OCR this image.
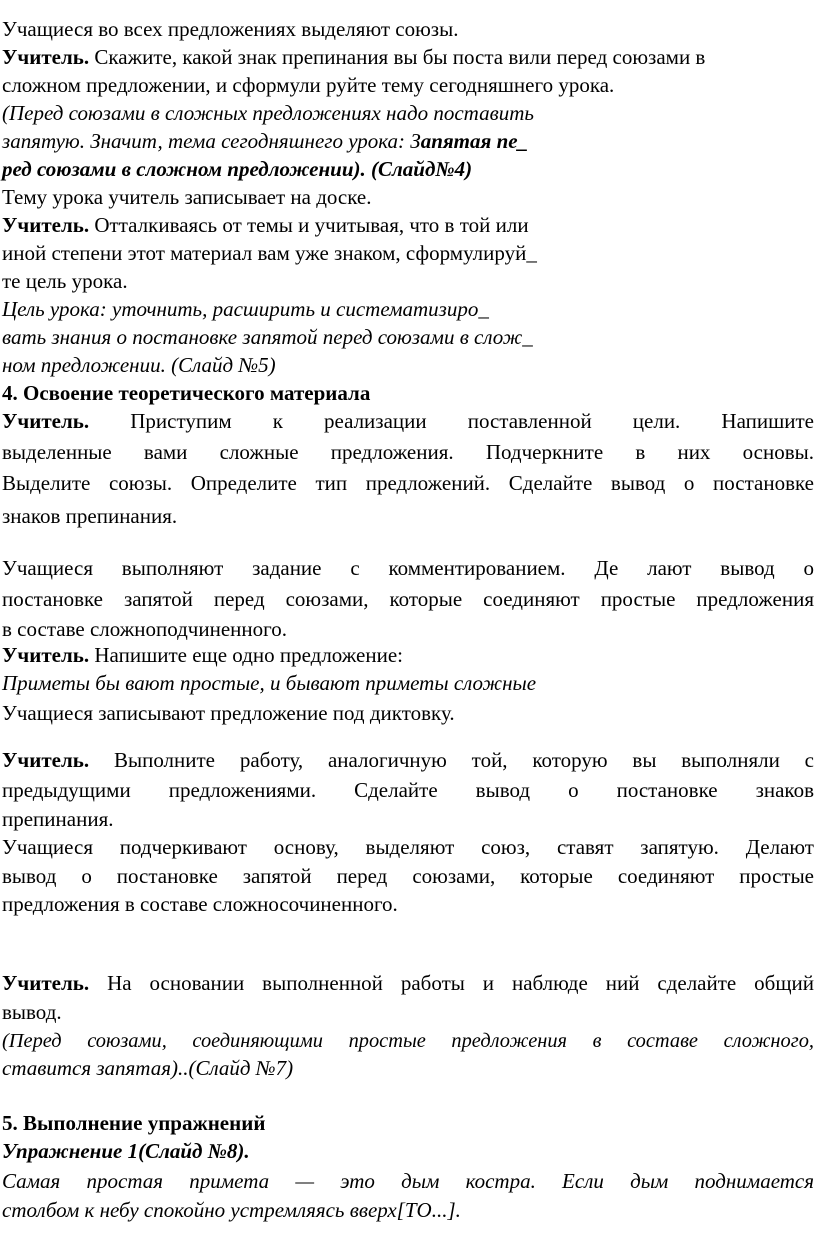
Учащиеся во всех предложениях выделяют союзы.
Учитель. Скажите, какой знак препинания вы бы поста вили перед союзами в
сложном предложении, и сформули руйте тему сегодняшнего урока.
(Перед союзами в сложных предложениях надо поставить
запятую. Значит, тема сегодняшнего урока: Запятая пе_
ред союзами в сложном предложении). (Слайд№4)
Тему урока учитель записывает на доске.
Учитель. Отталкиваясь от темы и учитывая, что в той или
иной степени этот материал вам уже знаком, сформулируй_
те цель урока.
Цель урока: уточнить, расширить и систематизиро_
вать знания о постановке запятой перед союзами в слож_
ном предложении. (Слайд №5)
4. Освоение теоретического материала
Учитель. Приступим к реализации поставленной цели. Напишите
выделенные вами сложные предложения. Подчеркните в них основы.
Выделите союзы. Определите тип предложений. Сделайте вывод о постановке
знаков препинания.
Учащиеся выполняют задание с комментированием. Де лают вывод о
постановке запятой перед союзами, которые соединяют простые предложения
в составе сложноподчиненного.
Учитель. Напишите еще одно предложение:
Приметы бы вают простые, и бывают приметы сложные
Учащиеся записывают предложение под диктовку.
Учитель. Выполните работу, аналогичную той, которую вы выполняли с
предыдущими предложениями. Сделайте вывод о постановке знаков
препинания.
Учащиеся подчеркивают основу, выделяют союз, ставят запятую. Делают
вывод о постановке запятой перед союзами, которые соединяют простые
предложения в составе сложносочиненного.
Учитель. На основании выполненной работы и наблюде ний сделайте общий
вывод.
(Перед союзами, соединяющими простые предложения в составе сложного,
ставится запятая)..(Слайд №7)
5. Выполнение упражнений
Упражнение 1(Слайд №8).
Самая простая примета — это дым костра. Если дым поднимается
столбом к небу спокойно устремляясь вверх[ТО...].
